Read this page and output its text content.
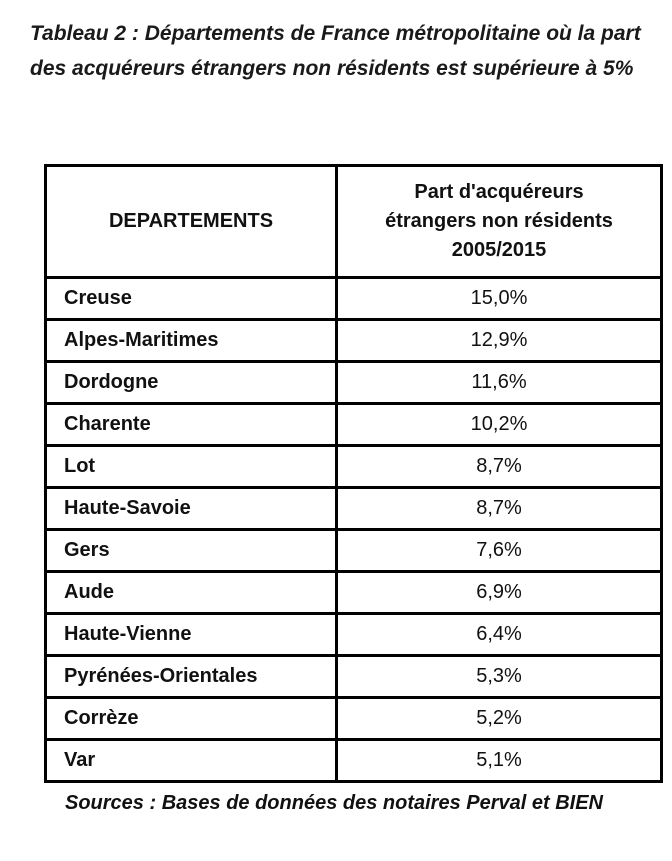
Tableau 2 : Départements de France métropolitaine où la part
des acquéreurs étrangers non résidents est supérieure à 5%
DEPARTEMENTS	Part d'acquéreurs étrangers non résidents 2005/2015
Creuse	15,0%
Alpes-Maritimes	12,9%
Dordogne	11,6%
Charente	10,2%
Lot	8,7%
Haute-Savoie	8,7%
Gers	7,6%
Aude	6,9%
Haute-Vienne	6,4%
Pyrénées-Orientales	5,3%
Corrèze	5,2%
Var	5,1%
Sources : Bases de données des notaires Perval et BIEN
